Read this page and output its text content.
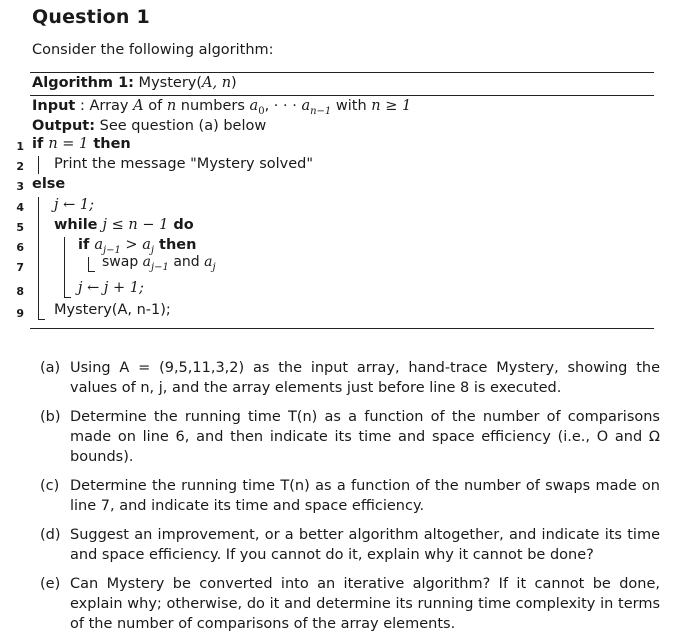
Question 1
Consider the following algorithm:
Algorithm 1: Mystery(A, n)
Input : Array A of n numbers $a_0$, · · · $a_{n-1}$ with n ≥ 1
Output: See question (a) below
1
2
3
4
5
6
7
8
9
if n = 1 then
Print the message "Mystery solved"
else
j ← 1;
while j ≤ n − 1 do
if $a_{j-1} > a_j$ then
swap $a_{j-1}$ and $a_j$
j ← j + 1;
Mystery(A, n-1);
(a) Using A = (9,5,11,3,2) as the input array, hand-trace Mystery, showing the values of n, j, and the array elements just before line 8 is executed.
(b) Determine the running time T(n) as a function of the number of comparisons made on line 6, and then indicate its time and space efficiency (i.e., O and Ω bounds).
(c) Determine the running time T(n) as a function of the number of swaps made on line 7, and indicate its time and space efficiency.
(d) Suggest an improvement, or a better algorithm altogether, and indicate its time and space efficiency. If you cannot do it, explain why it cannot be done?
(e) Can Mystery be converted into an iterative algorithm? If it cannot be done, explain why; otherwise, do it and determine its running time complexity in terms of the number of comparisons of the array elements.
